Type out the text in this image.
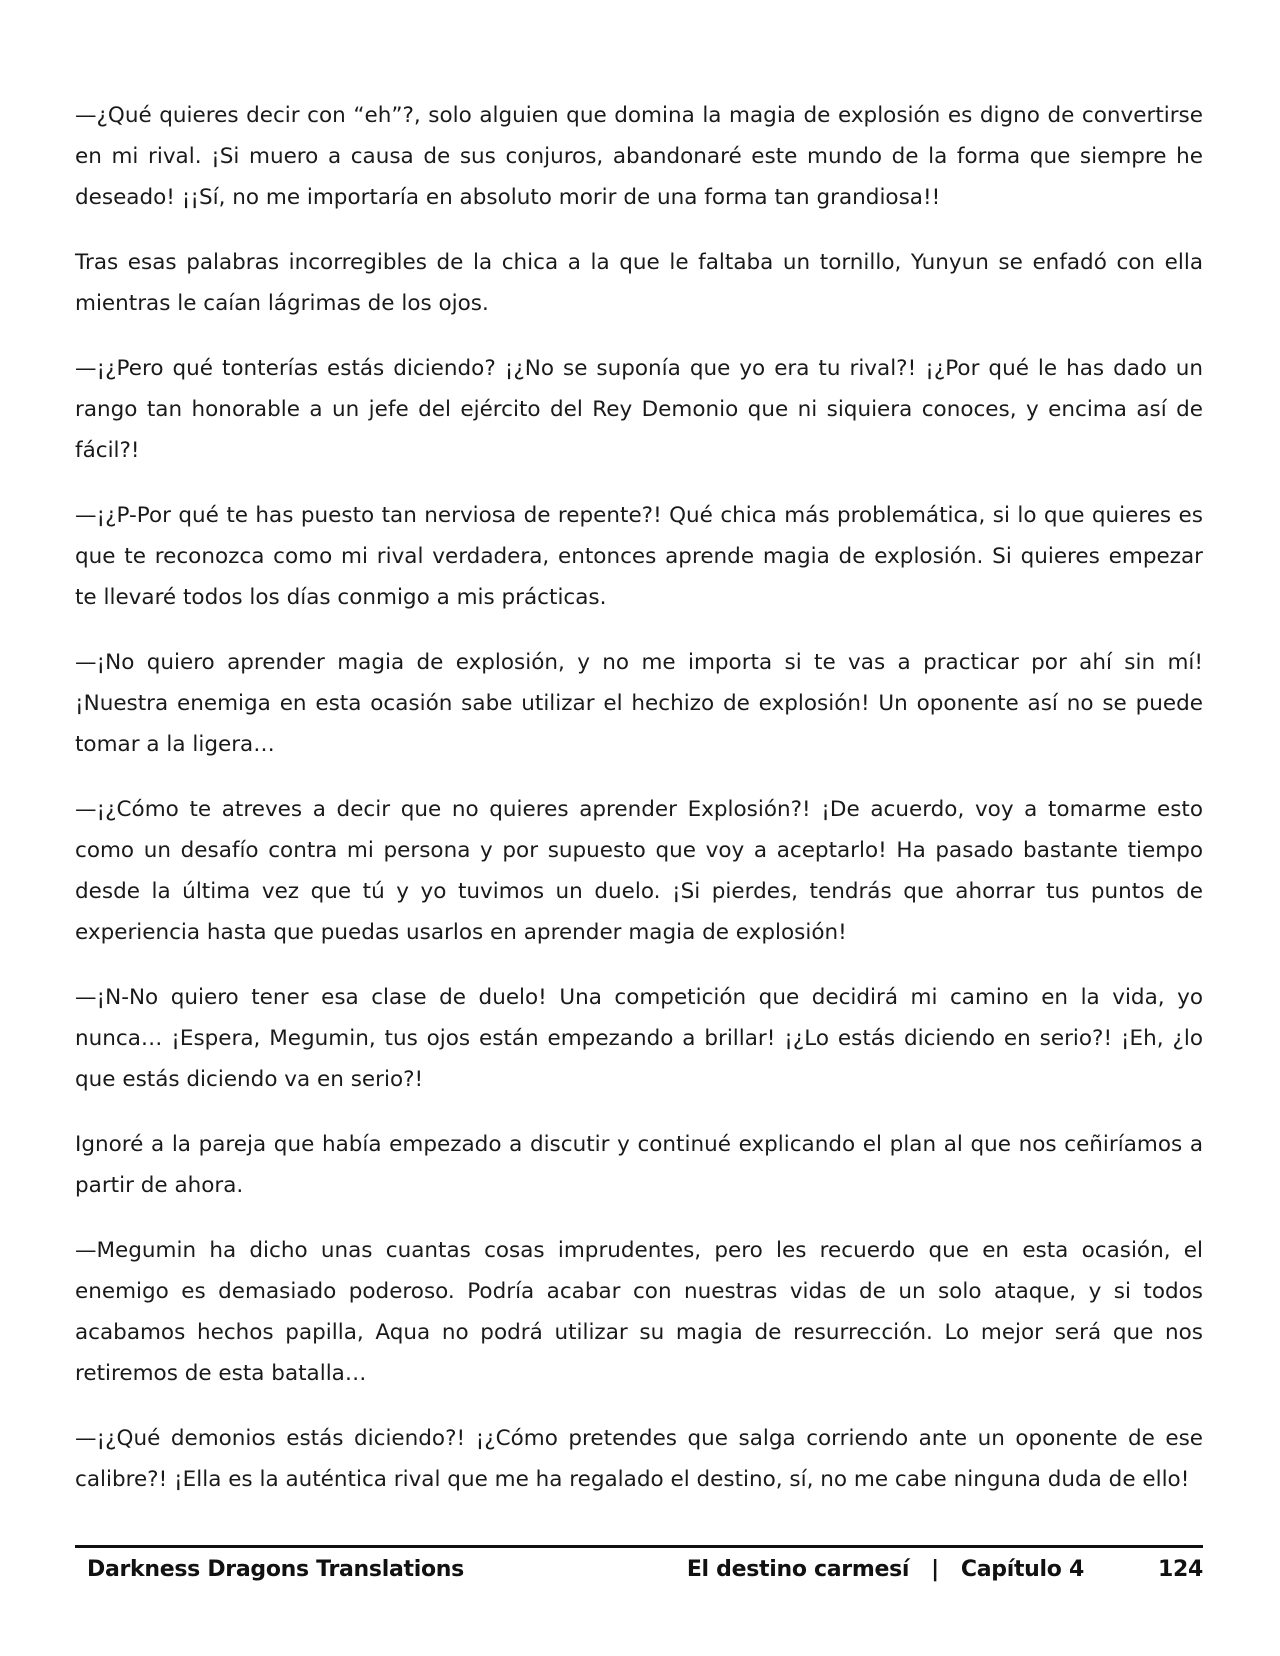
—¿Qué quieres decir con “eh”?, solo alguien que domina la magia de explosión es digno de convertirse en mi rival. ¡Si muero a causa de sus conjuros, abandonaré este mundo de la forma que siempre he deseado! ¡¡Sí, no me importaría en absoluto morir de una forma tan grandiosa!!

Tras esas palabras incorregibles de la chica a la que le faltaba un tornillo, Yunyun se enfadó con ella mientras le caían lágrimas de los ojos.

—¡¿Pero qué tonterías estás diciendo? ¡¿No se suponía que yo era tu rival?! ¡¿Por qué le has dado un rango tan honorable a un jefe del ejército del Rey Demonio que ni siquiera conoces, y encima así de fácil?!

—¡¿P-Por qué te has puesto tan nerviosa de repente?! Qué chica más problemática, si lo que quieres es que te reconozca como mi rival verdadera, entonces aprende magia de explosión. Si quieres empezar te llevaré todos los días conmigo a mis prácticas.

—¡No quiero aprender magia de explosión, y no me importa si te vas a practicar por ahí sin mí! ¡Nuestra enemiga en esta ocasión sabe utilizar el hechizo de explosión! Un oponente así no se puede tomar a la ligera…

—¡¿Cómo te atreves a decir que no quieres aprender Explosión?! ¡De acuerdo, voy a tomarme esto como un desafío contra mi persona y por supuesto que voy a aceptarlo! Ha pasado bastante tiempo desde la última vez que tú y yo tuvimos un duelo. ¡Si pierdes, tendrás que ahorrar tus puntos de experiencia hasta que puedas usarlos en aprender magia de explosión!

—¡N-No quiero tener esa clase de duelo! Una competición que decidirá mi camino en la vida, yo nunca… ¡Espera, Megumin, tus ojos están empezando a brillar! ¡¿Lo estás diciendo en serio?! ¡Eh, ¿lo que estás diciendo va en serio?!

Ignoré a la pareja que había empezado a discutir y continué explicando el plan al que nos ceñiríamos a partir de ahora.

—Megumin ha dicho unas cuantas cosas imprudentes, pero les recuerdo que en esta ocasión, el enemigo es demasiado poderoso. Podría acabar con nuestras vidas de un solo ataque, y si todos acabamos hechos papilla, Aqua no podrá utilizar su magia de resurrección. Lo mejor será que nos retiremos de esta batalla…

—¡¿Qué demonios estás diciendo?! ¡¿Cómo pretendes que salga corriendo ante un oponente de ese calibre?! ¡Ella es la auténtica rival que me ha regalado el destino, sí, no me cabe ninguna duda de ello!

Darkness Dragons Translations	El destino carmesí | Capítulo 4	124
